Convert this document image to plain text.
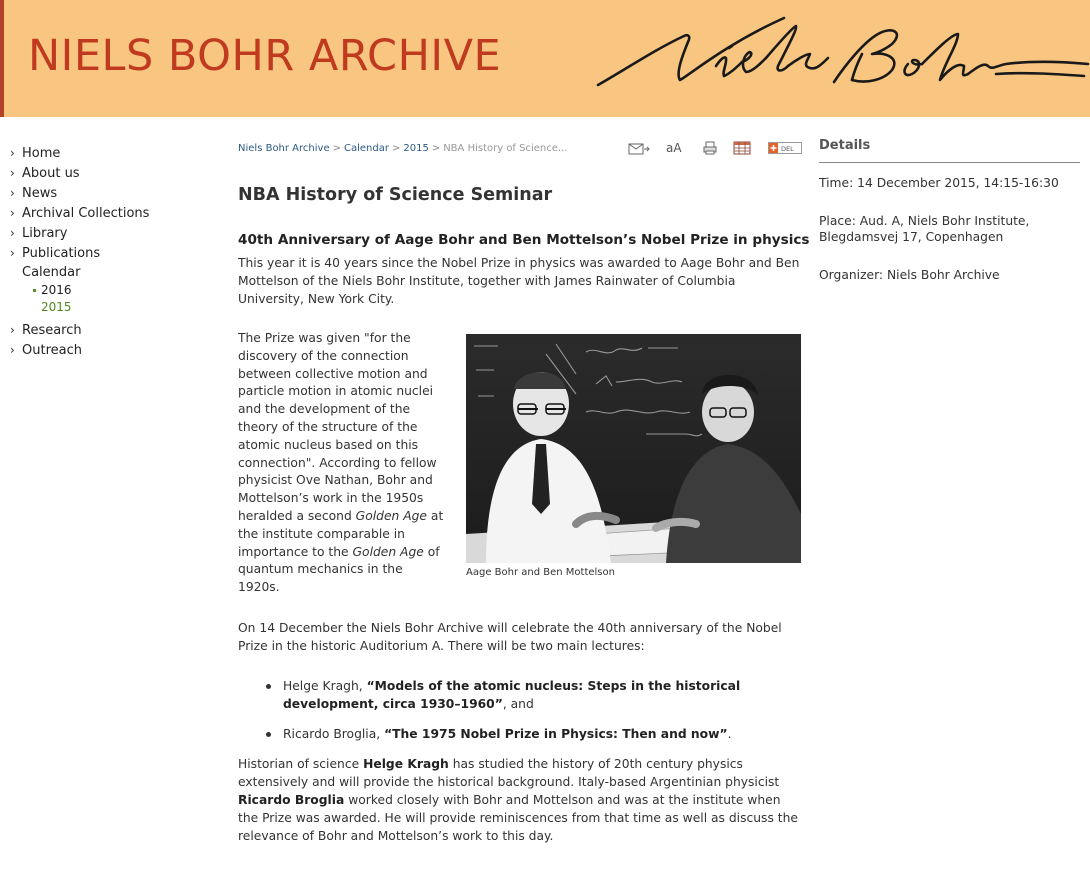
NIELS BOHR ARCHIVE
› Home
› About us
› News
› Archival Collections
› Library
› Publications
Calendar
2016
2015
› Research
› Outreach
Niels Bohr Archive > Calendar > 2015 > NBA History of Science...	aA	DEL
NBA History of Science Seminar
40th Anniversary of Aage Bohr and Ben Mottelson’s Nobel Prize in physics

This year it is 40 years since the Nobel Prize in physics was awarded to Aage Bohr and Ben Mottelson of the Niels Bohr Institute, together with James Rainwater of Columbia University, New York City.

The Prize was given "for the discovery of the connection between collective motion and particle motion in atomic nuclei and the development of the theory of the structure of the atomic nucleus based on this connection". According to fellow physicist Ove Nathan, Bohr and Mottelson’s work in the 1950s heralded a second Golden Age at the institute comparable in importance to the Golden Age of quantum mechanics in the 1920s.

Aage Bohr and Ben Mottelson

On 14 December the Niels Bohr Archive will celebrate the 40th anniversary of the Nobel Prize in the historic Auditorium A. There will be two main lectures:

Helge Kragh, “Models of the atomic nucleus: Steps in the historical development, circa 1930–1960”, and
Ricardo Broglia, “The 1975 Nobel Prize in Physics: Then and now”.

Historian of science Helge Kragh has studied the history of 20th century physics extensively and will provide the historical background. Italy-based Argentinian physicist Ricardo Broglia worked closely with Bohr and Mottelson and was at the institute when the Prize was awarded. He will provide reminiscences from that time as well as discuss the relevance of Bohr and Mottelson’s work to this day.

Details

Time: 14 December 2015, 14:15-16:30

Place: Aud. A, Niels Bohr Institute, Blegdamsvej 17, Copenhagen

Organizer: Niels Bohr Archive
